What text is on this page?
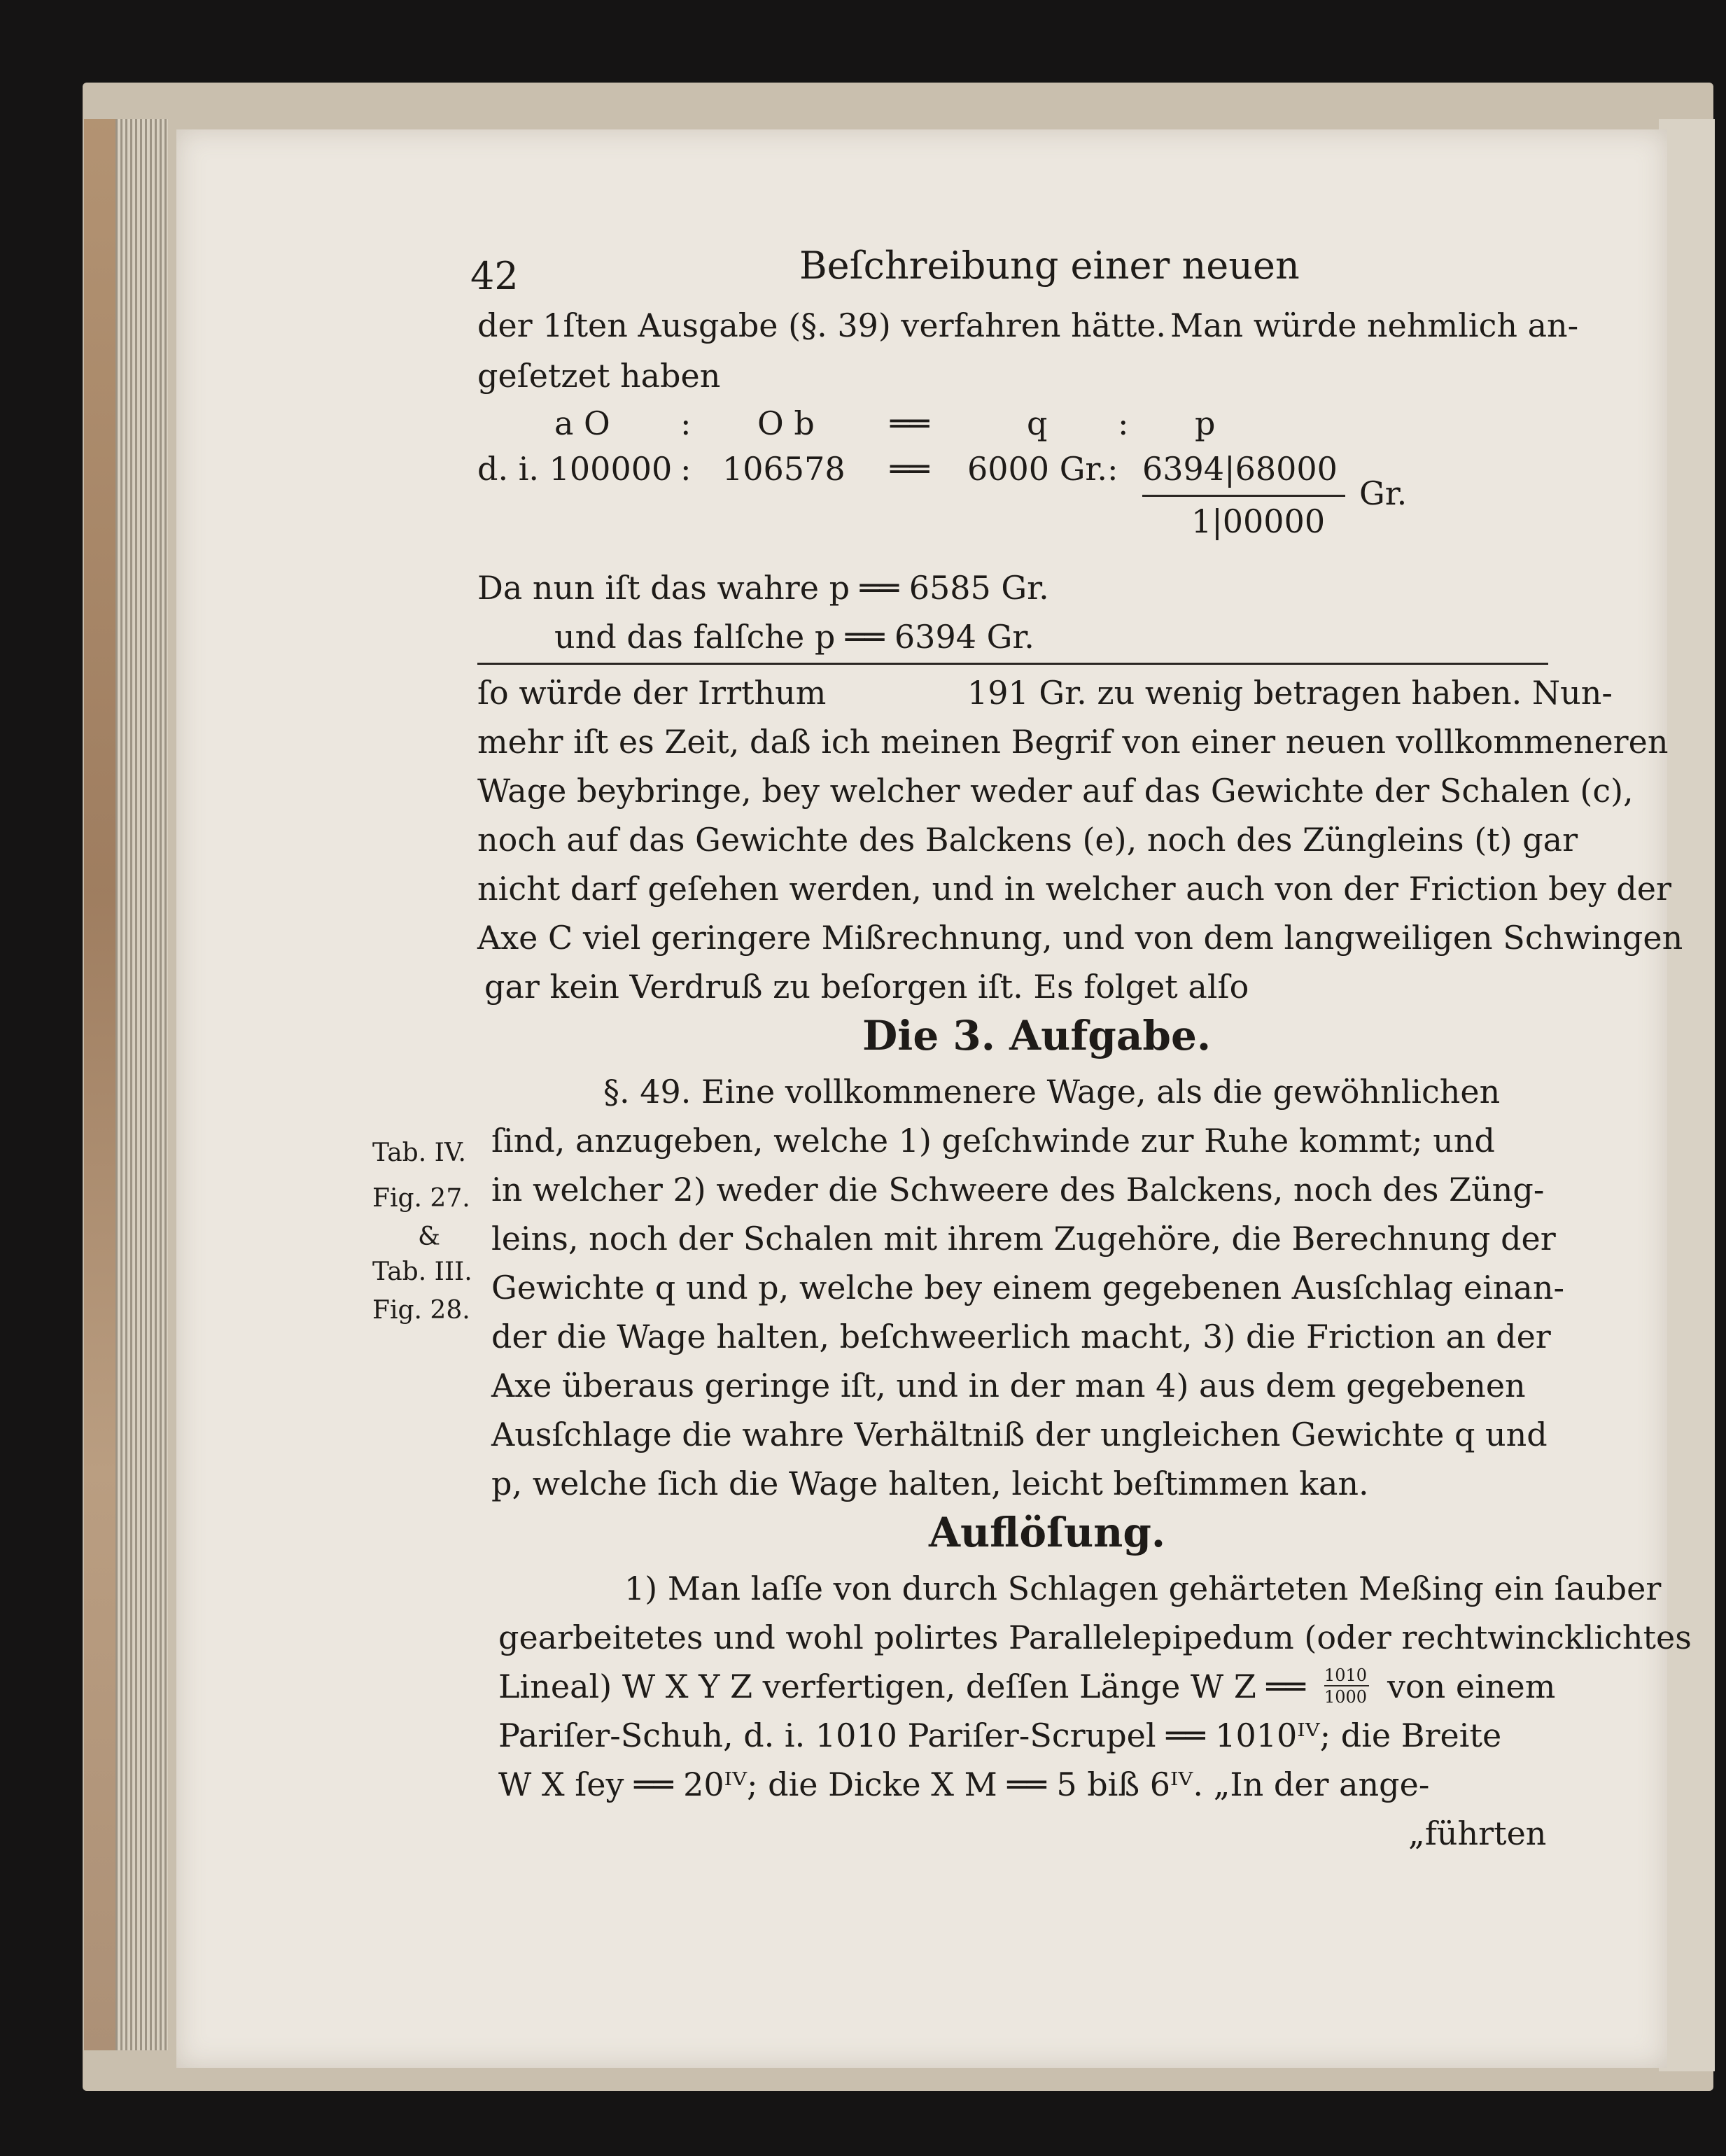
42	Beſchreibung einer neuen
der 1ſten Ausgabe (§. 39) verfahren hätte. Man würde nehmlich an-
geſetzet haben
a O : O b ══	q : p
d. i. 100000 : 106578 ══ 6000 Gr.: 6394|68000
1|00000
Gr.
Da nun iſt das wahre p ══ 6585 Gr.
und das falſche p ══ 6394 Gr.
ſo würde der Irrthum	191 Gr. zu wenig betragen haben. Nun-
mehr iſt es Zeit, daß ich meinen Begrif von einer neuen vollkommeneren
Wage beybringe, bey welcher weder auf das Gewichte der Schalen (c),
noch auf das Gewichte des Balckens (e), noch des Züngleins (t) gar
nicht darf geſehen werden, und in welcher auch von der Friction bey der
Axe C viel geringere Mißrechnung, und von dem langweiligen Schwingen
gar kein Verdruß zu beſorgen iſt. Es folget alſo
Die 3. Aufgabe.
§. 49. Eine vollkommenere Wage, als die gewöhnlichen
ſind, anzugeben, welche 1) geſchwinde zur Ruhe kommt; und
in welcher 2) weder die Schweere des Balckens, noch des Züng-
leins, noch der Schalen mit ihrem Zugehöre, die Berechnung der
Gewichte q und p, welche bey einem gegebenen Ausſchlag einan-
der die Wage halten, beſchweerlich macht, 3) die Friction an der
Axe überaus geringe iſt, und in der man 4) aus dem gegebenen
Ausſchlage die wahre Verhältniß der ungleichen Gewichte q und
p, welche ſich die Wage halten, leicht beſtimmen kan.
Tab. IV.
Fig. 27.
&
Tab. III.
Fig. 28.
Auflöſung.
1) Man laſſe von durch Schlagen gehärteten Meßing ein ſauber
gearbeitetes und wohl polirtes Parallelepipedum (oder rechtwincklichtes
Lineal) W X Y Z verfertigen, deſſen Länge W Z ══ 1010
1000 von einem
Pariſer-Schuh, d. i. 1010 Pariſer-Scrupel ══ 1010ᴵⱽ; die Breite
W X ſey ══ 20ᴵⱽ; die Dicke X M ══ 5 biß 6ᴵⱽ. „In der ange-
„führten
